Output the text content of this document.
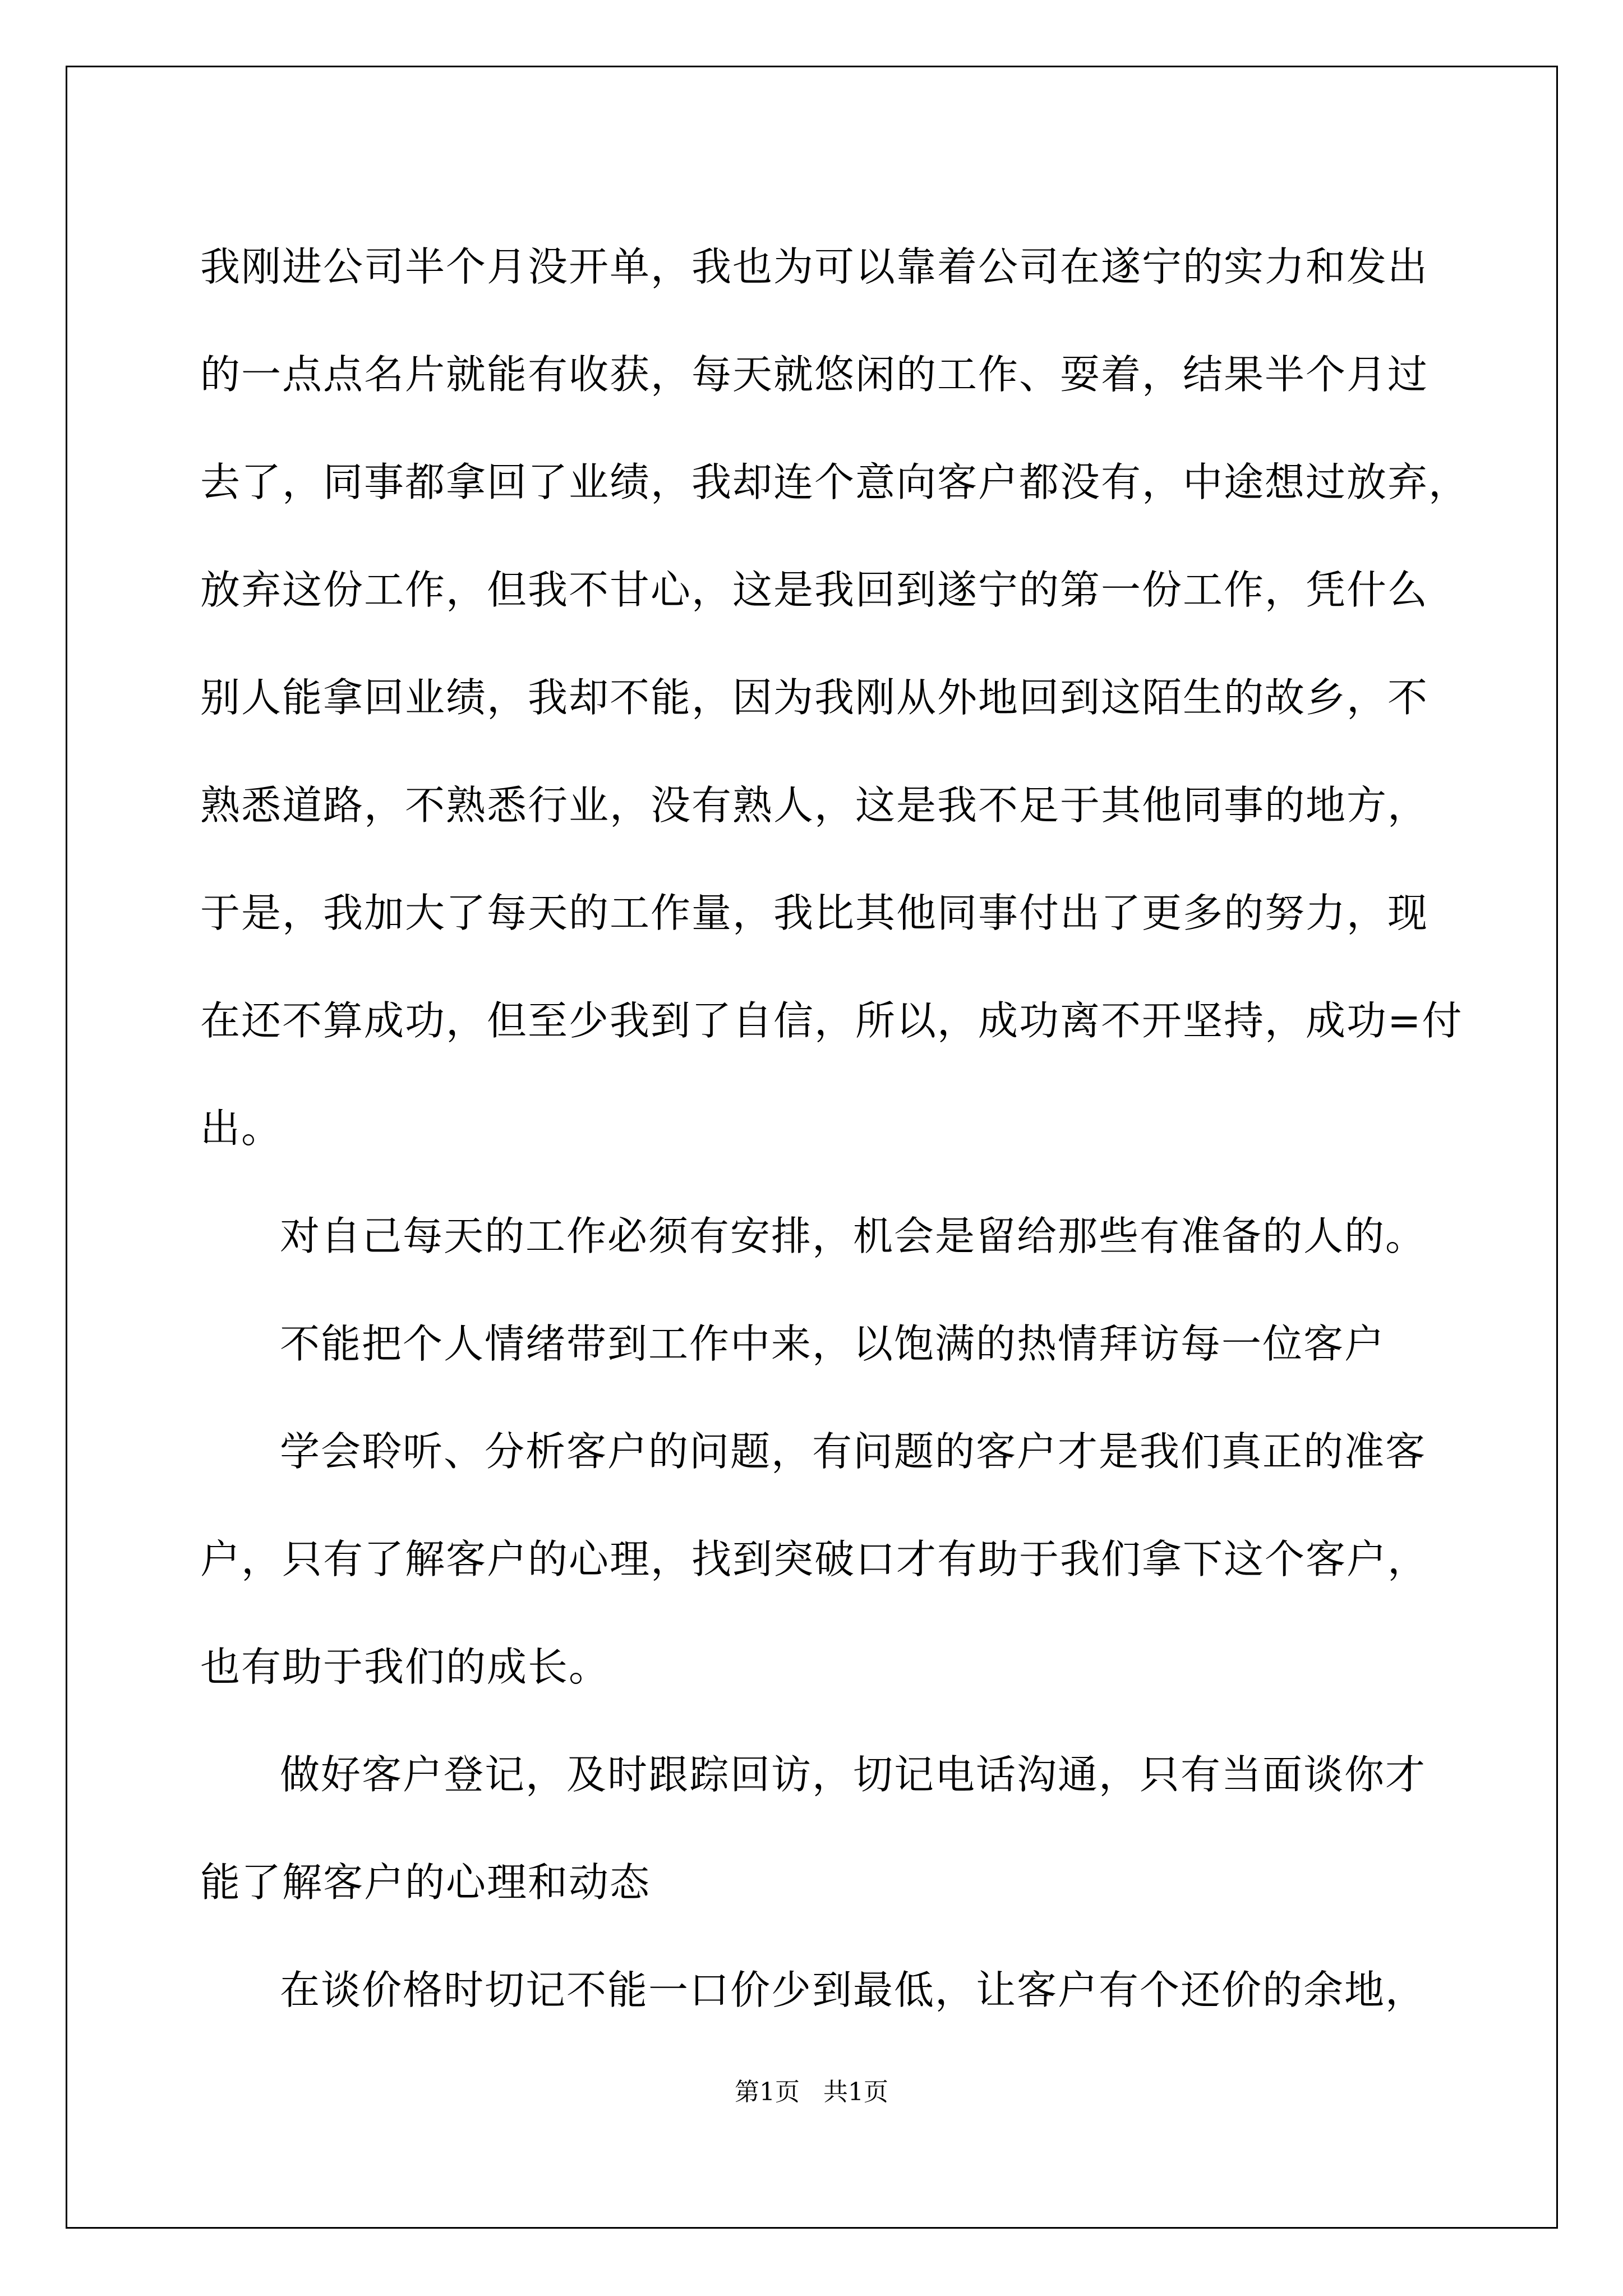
我刚进公司半个月没开单，我也为可以靠着公司在遂宁的实力和发出
的一点点名片就能有收获，每天就悠闲的工作、耍着，结果半个月过
去了，同事都拿回了业绩，我却连个意向客户都没有，中途想过放弃，
放弃这份工作，但我不甘心，这是我回到遂宁的第一份工作，凭什么
别人能拿回业绩，我却不能，因为我刚从外地回到这陌生的故乡，不
熟悉道路，不熟悉行业，没有熟人，这是我不足于其他同事的地方，
于是，我加大了每天的工作量，我比其他同事付出了更多的努力，现
在还不算成功，但至少我到了自信，所以，成功离不开坚持，成功=付
出。
对自己每天的工作必须有安排，机会是留给那些有准备的人的。
不能把个人情绪带到工作中来，以饱满的热情拜访每一位客户
学会聆听、分析客户的问题，有问题的客户才是我们真正的准客
户，只有了解客户的心理，找到突破口才有助于我们拿下这个客户，
也有助于我们的成长。
做好客户登记，及时跟踪回访，切记电话沟通，只有当面谈你才
能了解客户的心理和动态
在谈价格时切记不能一口价少到最低，让客户有个还价的余地，
第1页 共1页
